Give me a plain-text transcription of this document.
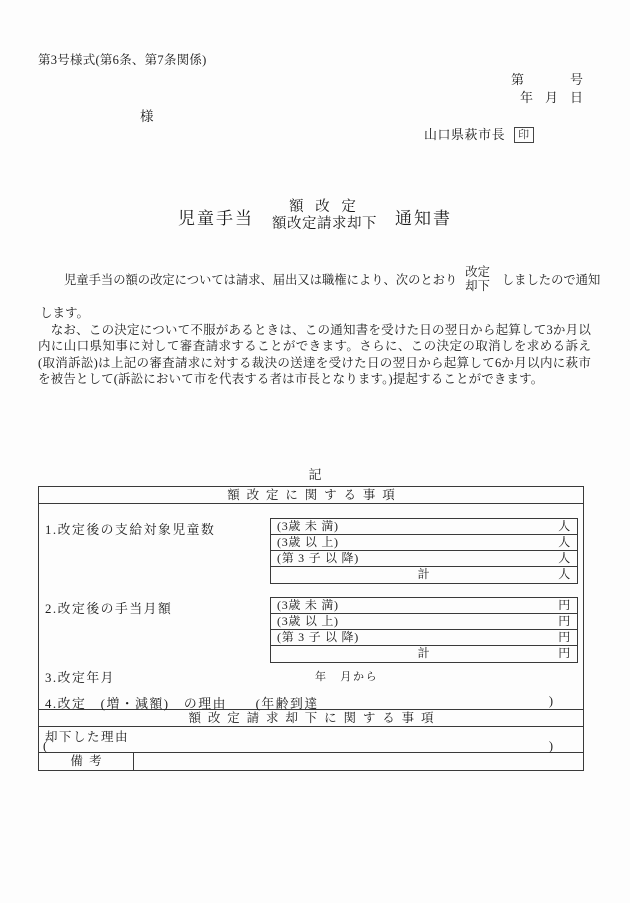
第3号様式(第6条、第7条関係)
第	号
年 月 日
様
山口県萩市長 印
児童手当
額 改 定
額改定請求却下 通知書
児童手当の額の改定については請求、届出又は職権により、次のとおり
改定
却下 しましたので通知
します。
　なお、この決定について不服があるときは、この通知書を受けた日の翌日から起算して3か月以内に山口県知事に対して審査請求することができます。さらに、この決定の取消しを求める訴え(取消訴訟)は上記の審査請求に対する裁決の送達を受けた日の翌日から起算して6か月以内に萩市を被告として(訴訟において市を代表する者は市長となります。)提起することができます。
記
額改定に関する事項
1.改定後の支給対象児童数	(3歳 未 満)	人
(3歳 以 上)	人
(第 3 子 以 降)	人
計	人
2.改定後の手当月額	(3歳 未 満)	円
(3歳 以 上)	円
(第 3 子 以 降)	円
計	円
3.改定年月	年　月から
4.改定　(増・減額)　の理由　　(年齢到達	)
額改定請求却下に関する事項
却下した理由
(	)
備考
